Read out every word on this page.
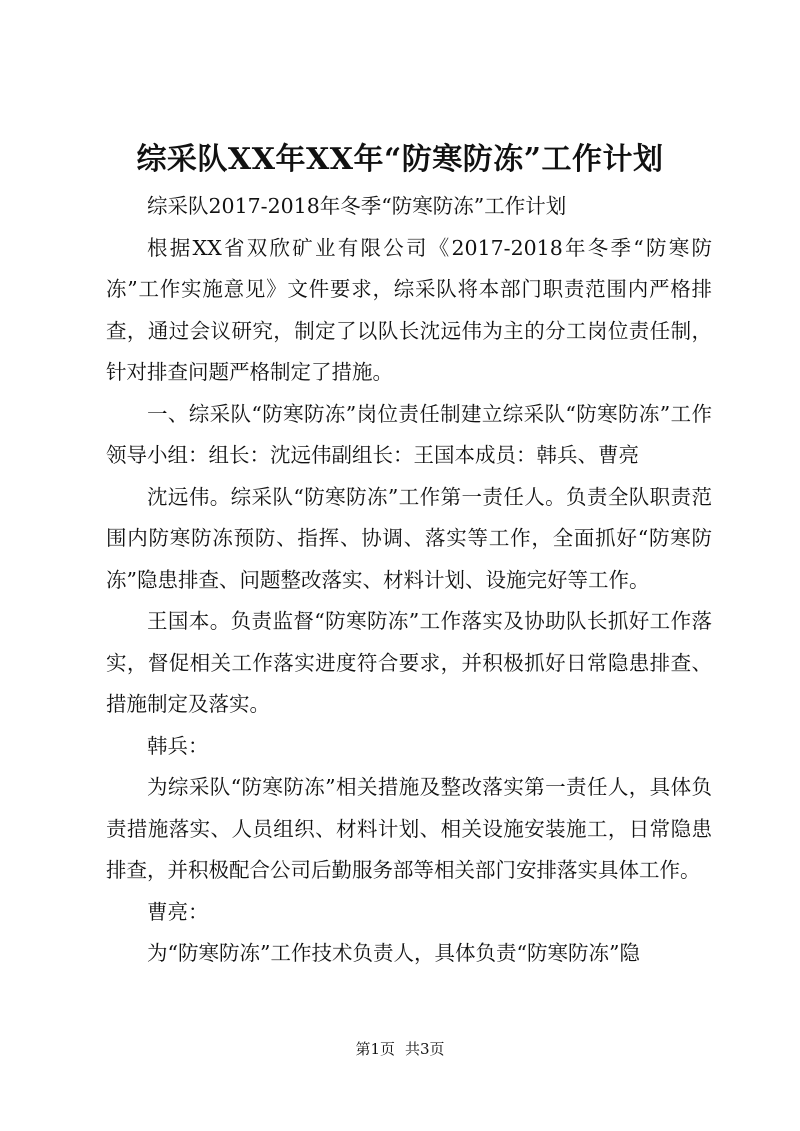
综采队XX年XX年“防寒防冻”工作计划

综采队2017-2018年冬季“防寒防冻”工作计划

根据XX省双欣矿业有限公司《2017-2018年冬季“防寒防冻”工作实施意见》文件要求，综采队将本部门职责范围内严格排查，通过会议研究，制定了以队长沈远伟为主的分工岗位责任制，针对排查问题严格制定了措施。

一、综采队“防寒防冻”岗位责任制建立综采队“防寒防冻”工作领导小组：组长：沈远伟副组长：王国本成员：韩兵、曹亮

沈远伟。综采队“防寒防冻”工作第一责任人。负责全队职责范围内防寒防冻预防、指挥、协调、落实等工作，全面抓好“防寒防冻”隐患排查、问题整改落实、材料计划、设施完好等工作。

王国本。负责监督“防寒防冻”工作落实及协助队长抓好工作落实，督促相关工作落实进度符合要求，并积极抓好日常隐患排查、措施制定及落实。

韩兵：

为综采队“防寒防冻”相关措施及整改落实第一责任人，具体负责措施落实、人员组织、材料计划、相关设施安装施工，日常隐患排查，并积极配合公司后勤服务部等相关部门安排落实具体工作。

曹亮：

为“防寒防冻”工作技术负责人，具体负责“防寒防冻”隐

第1页 共3页
